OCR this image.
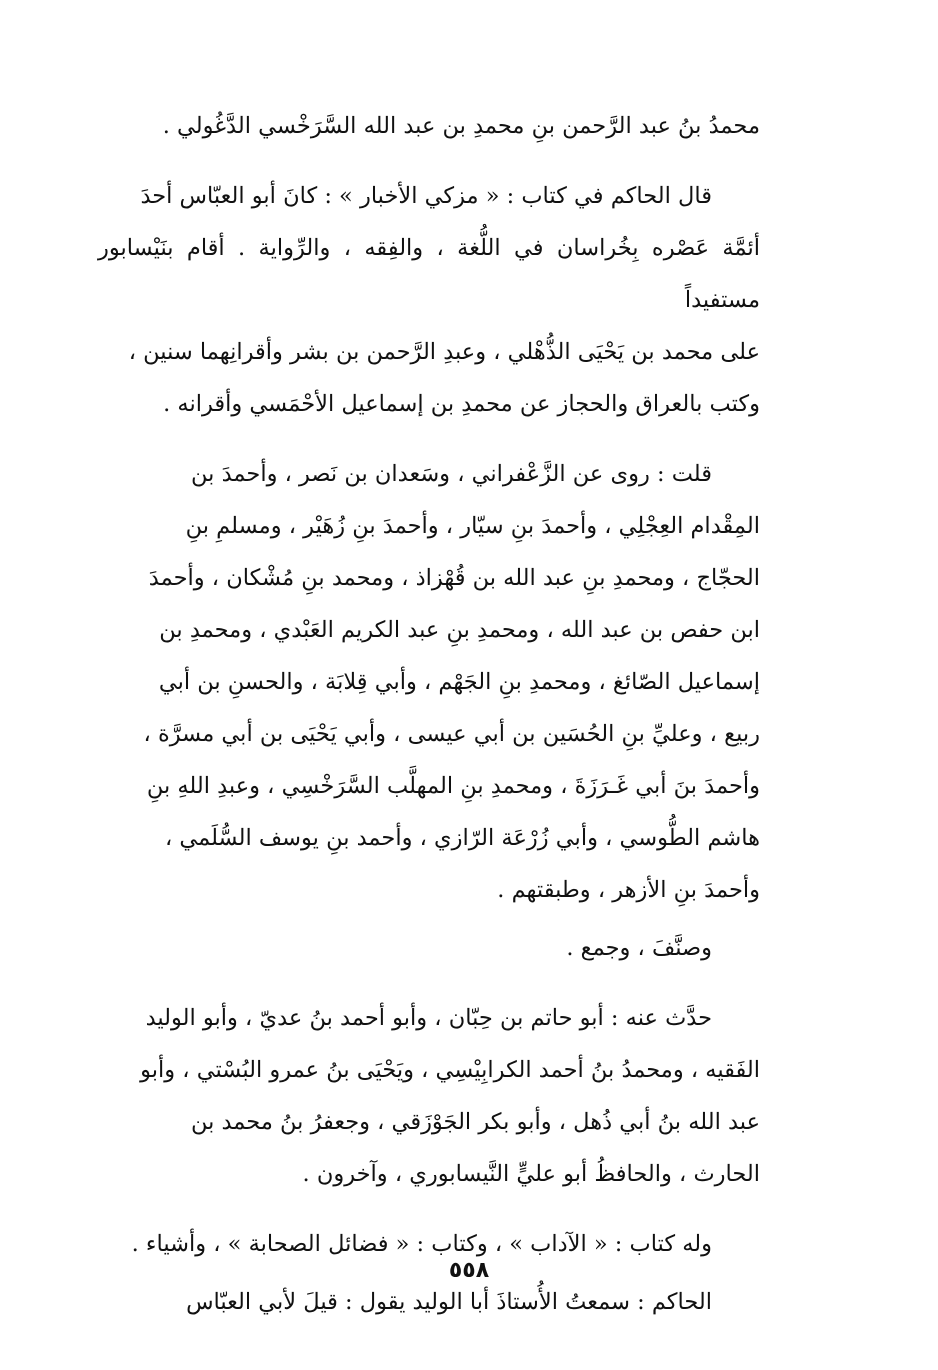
محمدُ بنُ عبد الرَّحمن بنِ محمدِ بن عبد الله السَّرَخْسي الدَّغُولي .

قال الحاكم في كتاب : « مزكي الأخبار » : كانَ أبو العبّاس أحدَ
أئمَّة عَصْره بِخُراسان في اللُّغة ، والفِقه ، والرِّواية . أقام بنَيْسابور مستفيداً
على محمد بن يَحْيَى الذُّهْلي ، وعبدِ الرَّحمن بن بشر وأقرانِهما سنين ،
وكتب بالعراق والحجاز عن محمدِ بن إسماعيل الأحْمَسي وأقرانه .

قلت : روى عن الزَّعْفراني ، وسَعدان بن نَصر ، وأحمدَ بن
المِقْدام العِجْلِي ، وأحمدَ بنِ سيّار ، وأحمدَ بنِ زُهَيْر ، ومسلمِ بنِ
الحجّاج ، ومحمدِ بنِ عبد الله بن قُهْزاذ ، ومحمد بنِ مُشْكان ، وأحمدَ
ابن حفص بن عبد الله ، ومحمدِ بنِ عبد الكريم العَبْدي ، ومحمدِ بن
إسماعيل الصّائغ ، ومحمدِ بنِ الجَهْم ، وأبي قِلابَة ، والحسنِ بن أبي
ربيع ، وعليِّ بنِ الحُسَين بن أبي عيسى ، وأبي يَحْيَى بن أبي مسرَّة ،
وأحمدَ بنَ أبي غَـرَزَةَ ، ومحمدِ بنِ المهلَّب السَّرَخْسِي ، وعبدِ اللهِ بنِ
هاشم الطُّوسي ، وأبي زُرْعَة الرّازي ، وأحمد بنِ يوسف السُّلَمي ،
وأحمدَ بنِ الأزهر ، وطبقتهم .

وصنَّفَ ، وجمع .

حدَّث عنه : أبو حاتم بن حِبّان ، وأبو أحمد بنُ عديّ ، وأبو الوليد
الفَقيه ، ومحمدُ بنُ أحمد الكرابِيْسِي ، ويَحْيَى بنُ عمرو البُسْتي ، وأبو
عبد الله بنُ أبي ذُهل ، وأبو بكر الجَوْزَقي ، وجعفرُ بنُ محمد بن
الحارث ، والحافظُ أبو عليٍّ النَّيسابوري ، وآخرون .

وله كتاب : « الآداب » ، وكتاب : « فضائل الصحابة » ، وأشياء .

الحاكم : سمعتُ الأُستاذَ أبا الوليد يقول : قيلَ لأبي العبّاس

٥٥٨
